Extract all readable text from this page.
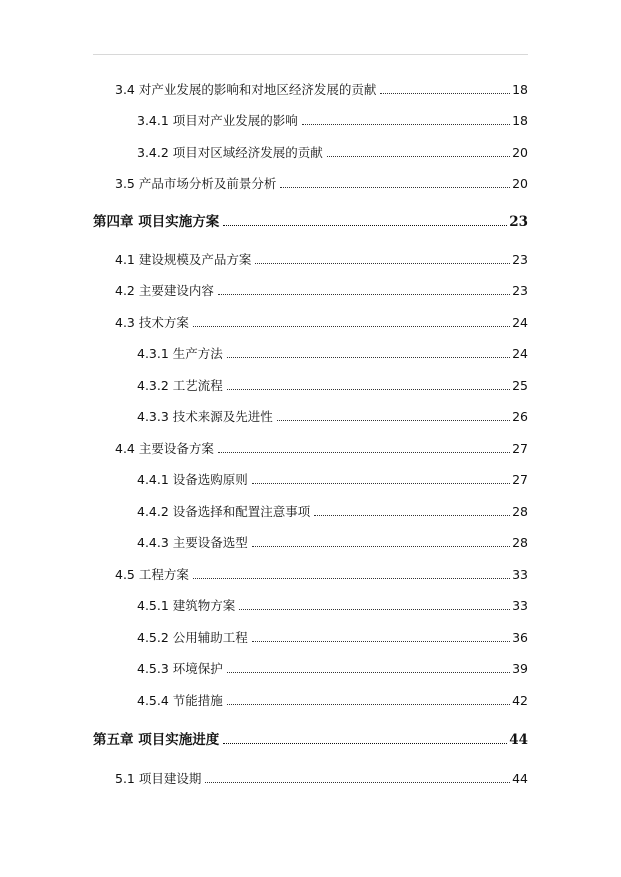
3.4 对产业发展的影响和对地区经济发展的贡献	18
3.4.1 项目对产业发展的影响	18
3.4.2 项目对区域经济发展的贡献	20
3.5 产品市场分析及前景分析	20
第四章 项目实施方案	23
4.1 建设规模及产品方案	23
4.2 主要建设内容	23
4.3 技术方案	24
4.3.1 生产方法	24
4.3.2 工艺流程	25
4.3.3 技术来源及先进性	26
4.4 主要设备方案	27
4.4.1 设备选购原则	27
4.4.2 设备选择和配置注意事项	28
4.4.3 主要设备选型	28
4.5 工程方案	33
4.5.1 建筑物方案	33
4.5.2 公用辅助工程	36
4.5.3 环境保护	39
4.5.4 节能措施	42
第五章 项目实施进度	44
5.1 项目建设期	44
